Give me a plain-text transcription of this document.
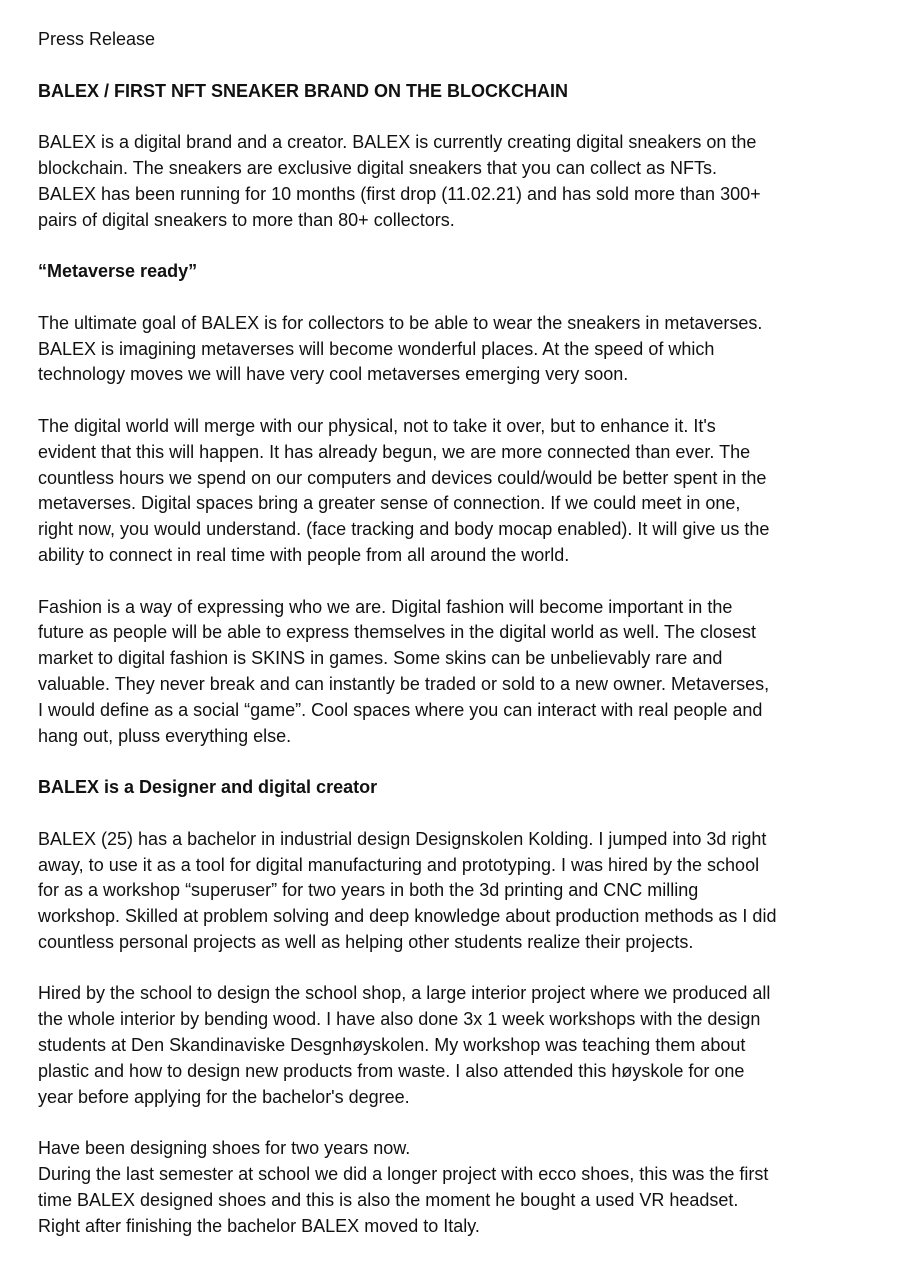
Press Release

BALEX / FIRST NFT SNEAKER BRAND ON THE BLOCKCHAIN

BALEX is a digital brand and a creator. BALEX is currently creating digital sneakers on the
blockchain. The sneakers are exclusive digital sneakers that you can collect as NFTs.
BALEX has been running for 10 months (first drop (11.02.21) and has sold more than 300+
pairs of digital sneakers to more than 80+ collectors.

“Metaverse ready”

The ultimate goal of BALEX is for collectors to be able to wear the sneakers in metaverses.
BALEX is imagining metaverses will become wonderful places. At the speed of which
technology moves we will have very cool metaverses emerging very soon.

The digital world will merge with our physical, not to take it over, but to enhance it. It's
evident that this will happen. It has already begun, we are more connected than ever. The
countless hours we spend on our computers and devices could/would be better spent in the
metaverses. Digital spaces bring a greater sense of connection. If we could meet in one,
right now, you would understand. (face tracking and body mocap enabled). It will give us the
ability to connect in real time with people from all around the world.

Fashion is a way of expressing who we are. Digital fashion will become important in the
future as people will be able to express themselves in the digital world as well. The closest
market to digital fashion is SKINS in games. Some skins can be unbelievably rare and
valuable. They never break and can instantly be traded or sold to a new owner. Metaverses,
I would define as a social “game”. Cool spaces where you can interact with real people and
hang out, pluss everything else.

BALEX is a Designer and digital creator

BALEX (25) has a bachelor in industrial design Designskolen Kolding. I jumped into 3d right
away, to use it as a tool for digital manufacturing and prototyping. I was hired by the school
for as a workshop “superuser” for two years in both the 3d printing and CNC milling
workshop. Skilled at problem solving and deep knowledge about production methods as I did
countless personal projects as well as helping other students realize their projects.

Hired by the school to design the school shop, a large interior project where we produced all
the whole interior by bending wood. I have also done 3x 1 week workshops with the design
students at Den Skandinaviske Desgnhøyskolen. My workshop was teaching them about
plastic and how to design new products from waste. I also attended this høyskole for one
year before applying for the bachelor's degree.

Have been designing shoes for two years now.
During the last semester at school we did a longer project with ecco shoes, this was the first
time BALEX designed shoes and this is also the moment he bought a used VR headset.
Right after finishing the bachelor BALEX moved to Italy.
